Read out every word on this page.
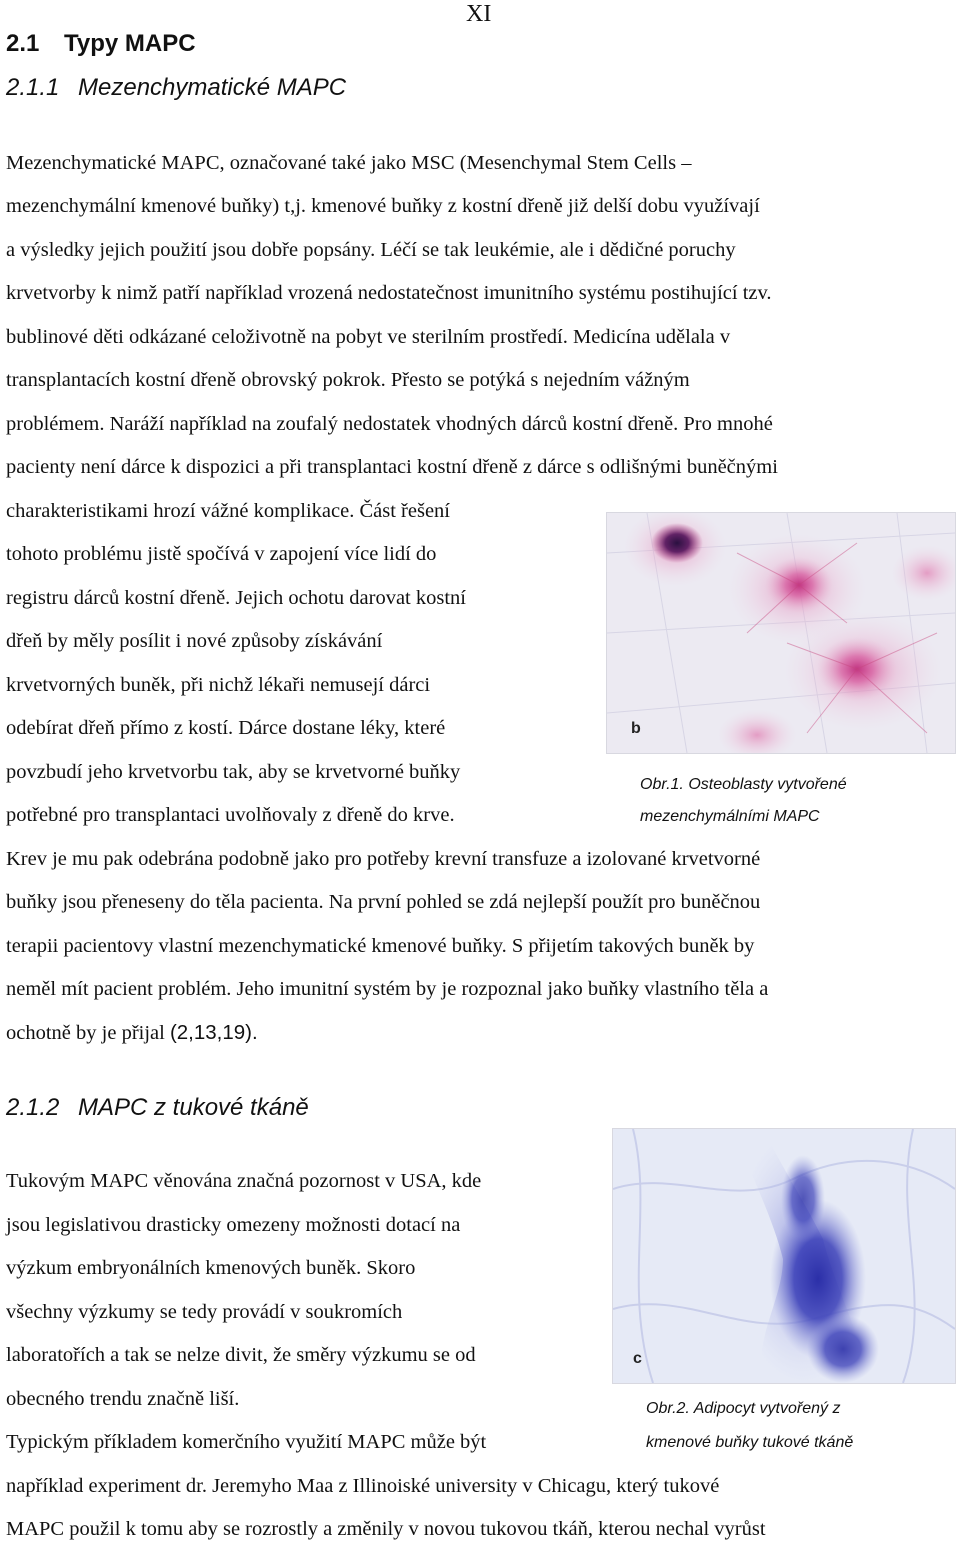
XI
2.1 Typy MAPC
2.1.1 Mezenchymatické MAPC
Mezenchymatické MAPC, označované také jako MSC (Mesenchymal Stem Cells –
mezenchymální kmenové buňky) t,j. kmenové buňky z kostní dřeně již delší dobu využívají
a výsledky jejich použití jsou dobře popsány. Léčí se tak leukémie, ale i dědičné poruchy
krvetvorby k nimž patří například vrozená nedostatečnost imunitního systému postihující tzv.
bublinové děti odkázané celoživotně na pobyt ve sterilním prostředí. Medicína udělala v
transplantacích kostní dřeně obrovský pokrok. Přesto se potýká s nejedním vážným
problémem. Naráží například na zoufalý nedostatek vhodných dárců kostní dřeně. Pro mnohé
pacienty není dárce k dispozici a při transplantaci kostní dřeně z dárce s odlišnými buněčnými
charakteristikami hrozí vážné komplikace. Část řešení
tohoto problému jistě spočívá v zapojení více lidí do
registru dárců kostní dřeně. Jejich ochotu darovat kostní
dřeň by měly posílit i nové způsoby získávání
krvetvorných buněk, při nichž lékaři nemusejí dárci
odebírat dřeň přímo z kostí. Dárce dostane léky, které
povzbudí jeho krvetvorbu tak, aby se krvetvorné buňky
potřebné pro transplantaci uvolňovaly z dřeně do krve.
Krev je mu pak odebrána podobně jako pro potřeby krevní transfuze a izolované krvetvorné
buňky jsou přeneseny do těla pacienta. Na první pohled se zdá nejlepší použít pro buněčnou
terapii pacientovy vlastní mezenchymatické kmenové buňky. S přijetím takových buněk by
neměl mít pacient problém. Jeho imunitní systém by je rozpoznal jako buňky vlastního těla a
ochotně by je přijal (2,13,19).
b
Obr.1. Osteoblasty vytvořené
mezenchymálními MAPC
2.1.2 MAPC z tukové tkáně
Tukovým MAPC věnována značná pozornost v USA, kde
jsou legislativou drasticky omezeny možnosti dotací na
výzkum embryonálních kmenových buněk. Skoro
všechny výzkumy se tedy provádí v soukromích
laboratořích a tak se nelze divit, že směry výzkumu se od
obecného trendu značně liší.
Typickým příkladem komerčního využití MAPC může být
například experiment dr. Jeremyho Maa z Illinoiské university v Chicagu, který tukové
MAPC použil k tomu aby se rozrostly a změnily v novou tukovou tkáň, kterou nechal vyrůst
c
Obr.2. Adipocyt vytvořený z
kmenové buňky tukové tkáně
